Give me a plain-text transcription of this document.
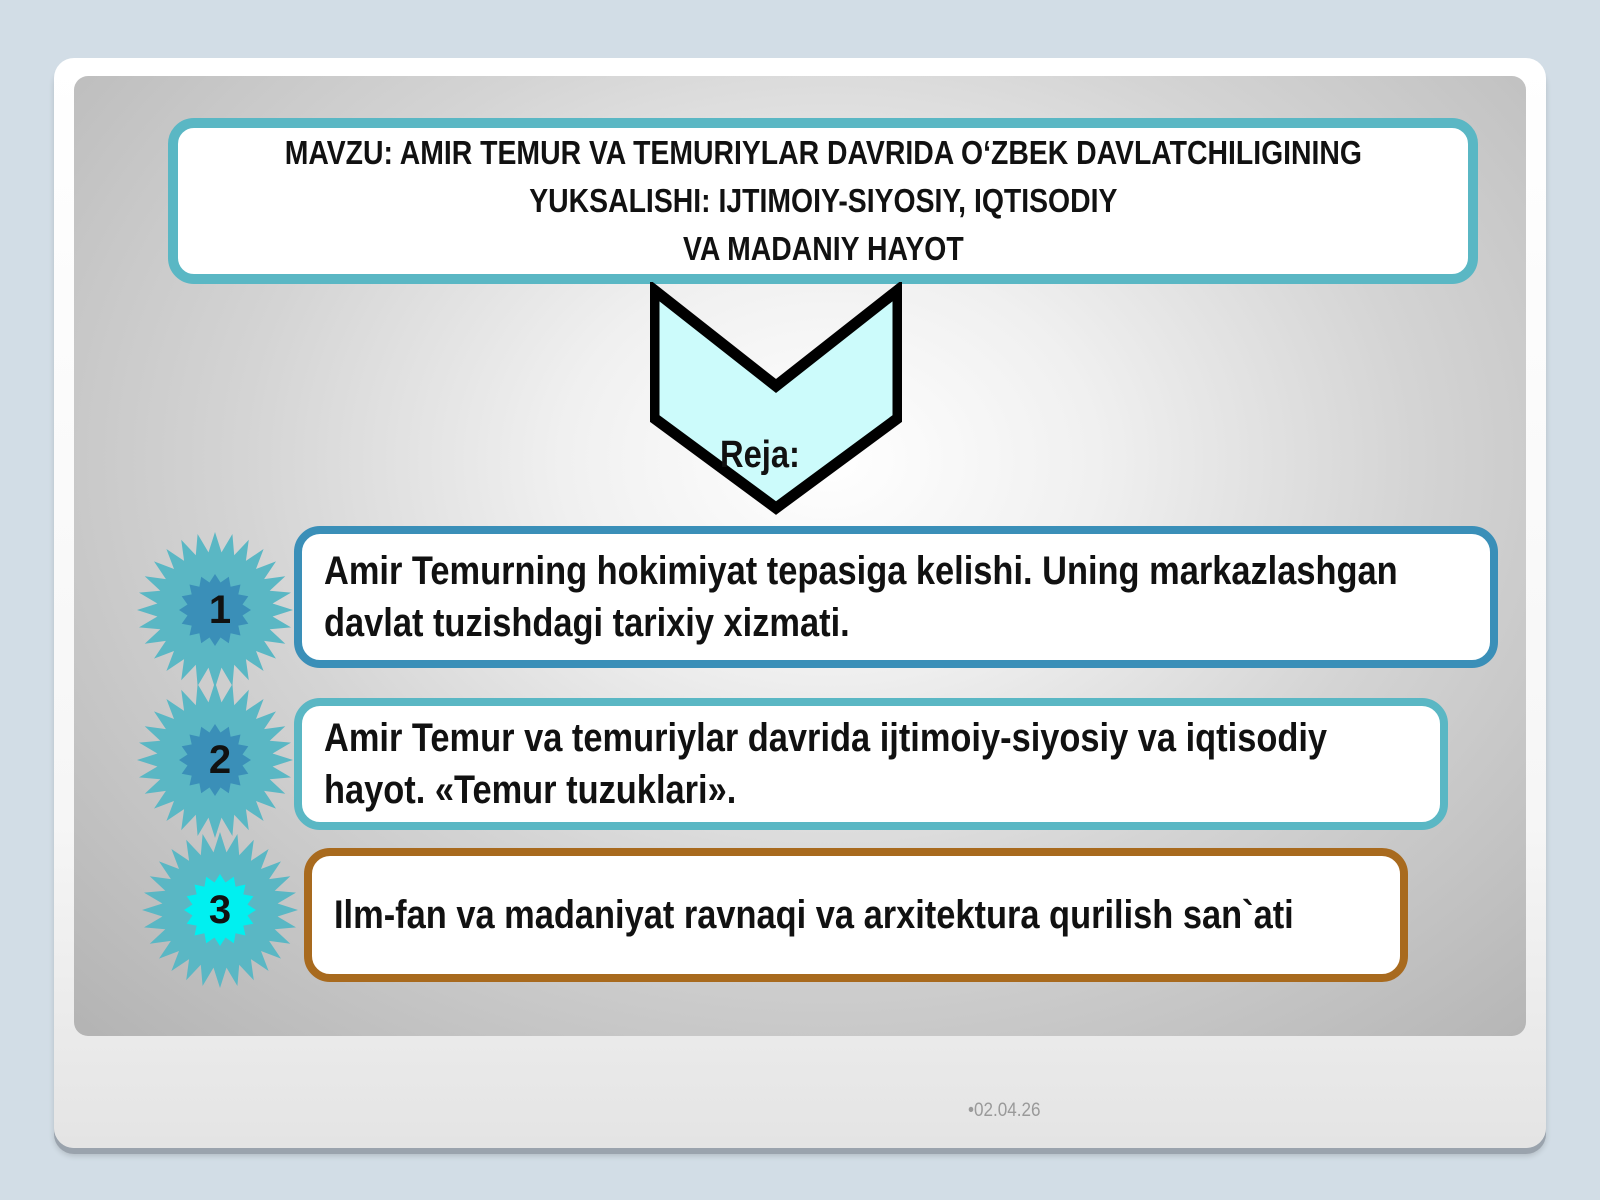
MAVZU: AMIR TEMUR VA TEMURIYLAR DAVRIDA O‘ZBEK DAVLATCHILIGINING
YUKSALISHI: IJTIMOIY-SIYOSIY, IQTISODIY
VA MADANIY HAYOT
Reja:
1
Amir Temurning hokimiyat tepasiga kelishi. Uning markazlashgan
davlat tuzishdagi tarixiy xizmati.
2	Amir Temur va temuriylar davrida ijtimoiy-siyosiy va iqtisodiy
hayot. «Temur tuzuklari».
3	Ilm-fan va madaniyat ravnaqi va arxitektura qurilish san`ati
•02.04.26
